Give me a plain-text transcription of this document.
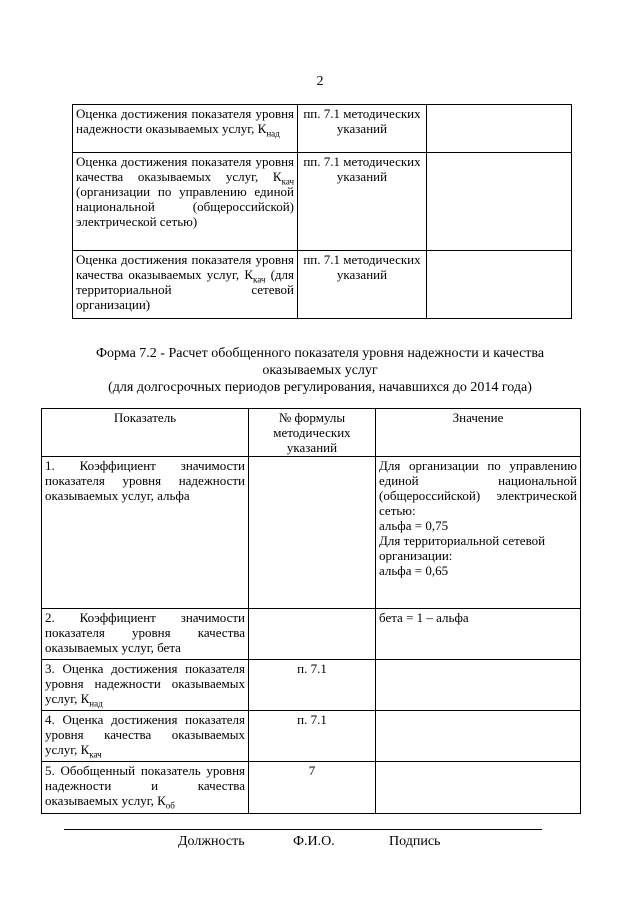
2
Оценка достижения показателя уровня надежности оказываемых услуг, $К_{над}$	пп. 7.1 методических указаний	
Оценка достижения показателя уровня качества оказываемых услуг, $К_{кач}$ (организации по управлению единой национальной (общероссийской) электрической сетью)	пп. 7.1 методических указаний	
Оценка достижения показателя уровня качества оказываемых услуг, $К_{кач}$ (для территориальной сетевой организации)	пп. 7.1 методических указаний	
Форма 7.2 - Расчет обобщенного показателя уровня надежности и качества
оказываемых услуг
(для долгосрочных периодов регулирования, начавшихся до 2014 года)
Показатель	№ формулы методических указаний	Значение
1. Коэффициент значимости показателя уровня надежности оказываемых услуг, альфа		Для организации по управлению единой национальной (общероссийской) электрической сетью:
альфа = 0,75
Для территориальной сетевой организации:
альфа = 0,65

2. Коэффициент значимости показателя уровня качества оказываемых услуг, бета		бета = 1 – альфа

3. Оценка достижения показателя уровня надежности оказываемых услуг, $К_{над}$	п. 7.1	
4. Оценка достижения показателя уровня качества оказываемых услуг, $К_{кач}$	п. 7.1	
5. Обобщенный показатель уровня надежности и качества оказываемых услуг, $К_{об}$	7	
Должность	Ф.И.О.	Подпись
